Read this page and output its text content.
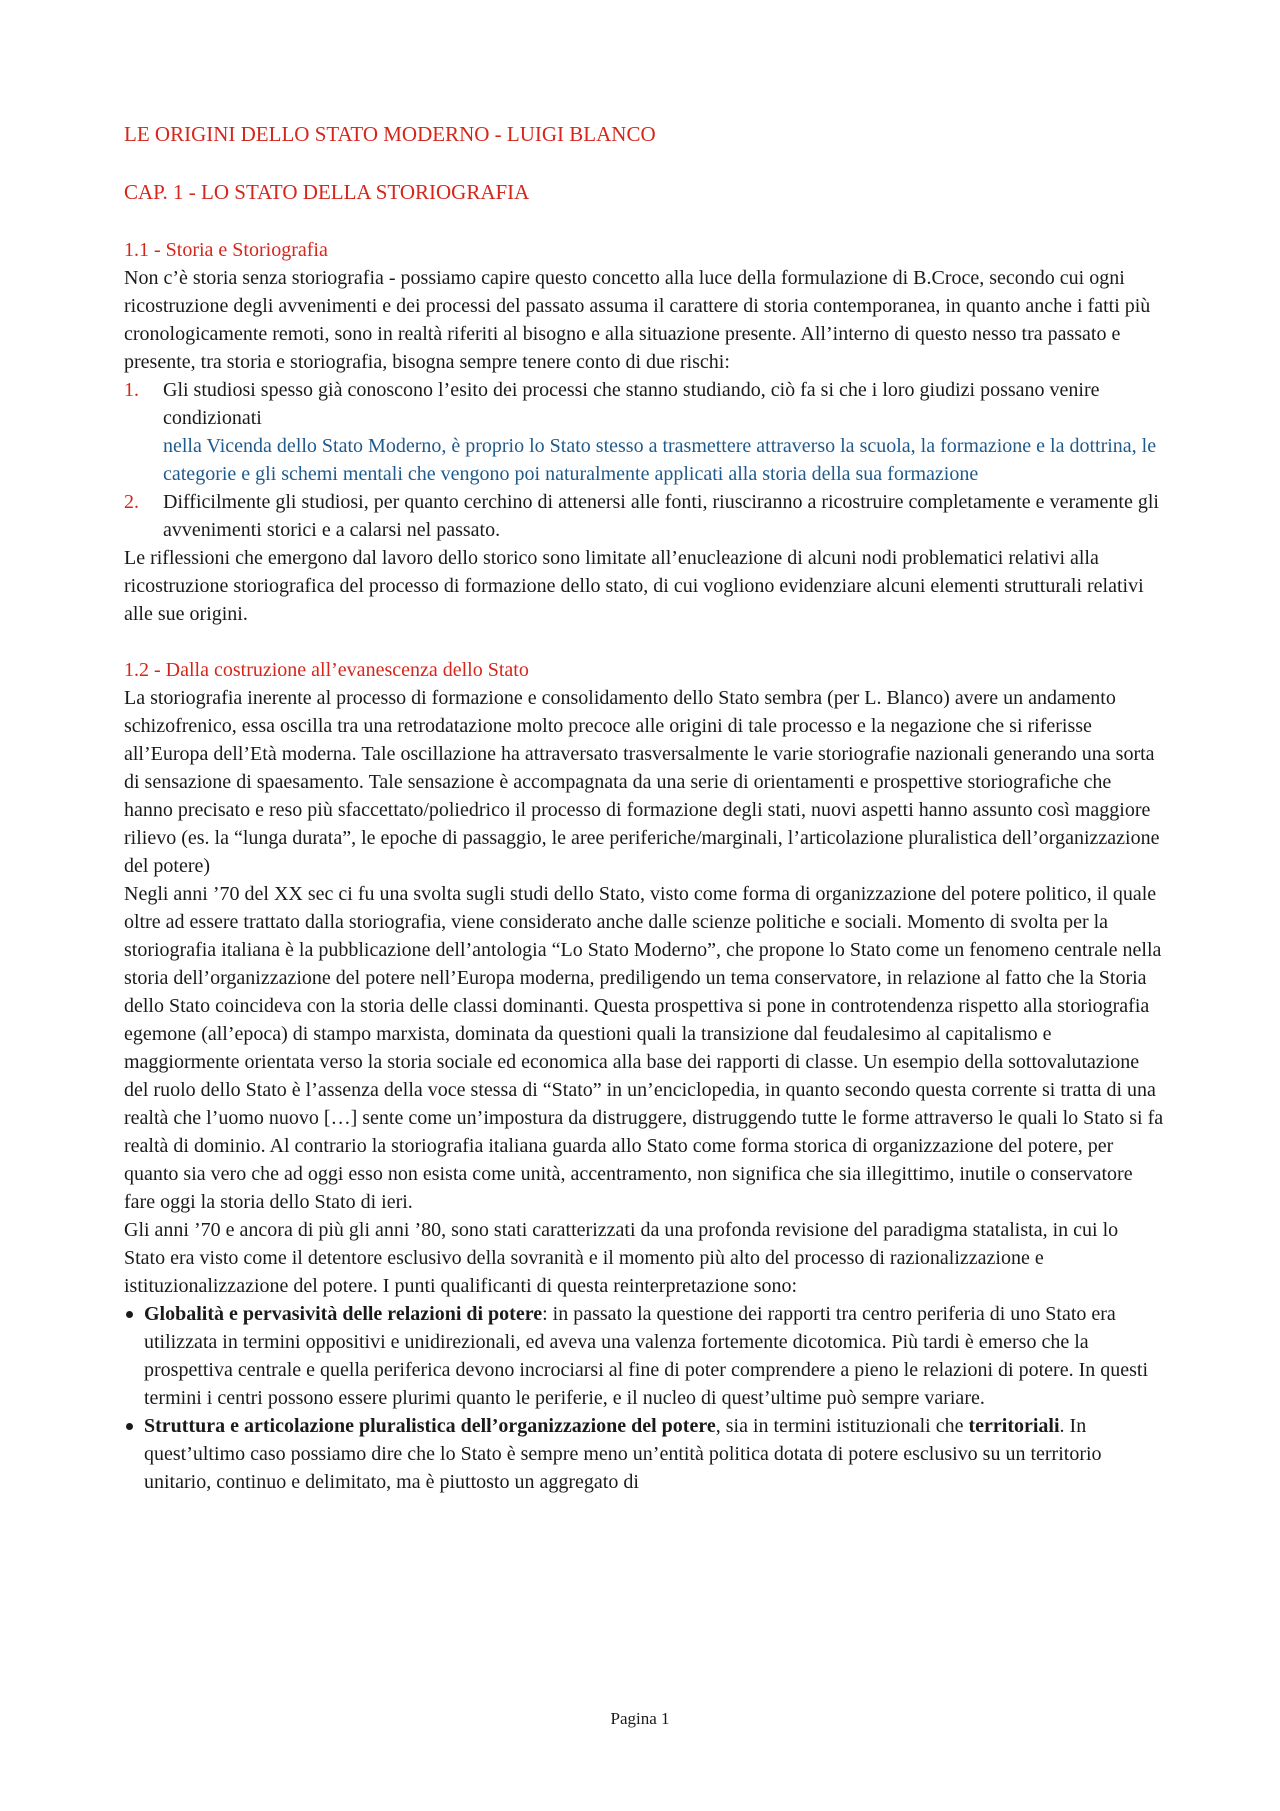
LE ORIGINI DELLO STATO MODERNO - LUIGI BLANCO
CAP. 1 - LO STATO DELLA STORIOGRAFIA
1.1 - Storia e Storiografia

Non c’è storia senza storiografia - possiamo capire questo concetto alla luce della formulazione di B.Croce, secondo cui ogni ricostruzione degli avvenimenti e dei processi del passato assuma il carattere di storia contemporanea, in quanto anche i fatti più cronologicamente remoti, sono in realtà riferiti al bisogno e alla situazione presente. All’interno di questo nesso tra passato e presente, tra storia e storiografia, bisogna sempre tenere conto di due rischi:

1. Gli studiosi spesso già conoscono l’esito dei processi che stanno studiando, ciò fa si che i loro giudizi possano venire condizionati
nella Vicenda dello Stato Moderno, è proprio lo Stato stesso a trasmettere attraverso la scuola, la formazione e la dottrina, le categorie e gli schemi mentali che vengono poi naturalmente applicati alla storia della sua formazione
2. Difficilmente gli studiosi, per quanto cerchino di attenersi alle fonti, riusciranno a ricostruire completamente e veramente gli avvenimenti storici e a calarsi nel passato.

Le riflessioni che emergono dal lavoro dello storico sono limitate all’enucleazione di alcuni nodi problematici relativi alla ricostruzione storiografica del processo di formazione dello stato, di cui vogliono evidenziare alcuni elementi strutturali relativi alle sue origini.

1.2 - Dalla costruzione all’evanescenza dello Stato

La storiografia inerente al processo di formazione e consolidamento dello Stato sembra (per L. Blanco) avere un andamento schizofrenico, essa oscilla tra una retrodatazione molto precoce alle origini di tale processo e la negazione che si riferisse all’Europa dell’Età moderna. Tale oscillazione ha attraversato trasversalmente le varie storiografie nazionali generando una sorta di sensazione di spaesamento. Tale sensazione è accompagnata da una serie di orientamenti e prospettive storiografiche che hanno precisato e reso più sfaccettato/poliedrico il processo di formazione degli stati, nuovi aspetti hanno assunto così maggiore rilievo (es. la “lunga durata”, le epoche di passaggio, le aree periferiche/marginali, l’articolazione pluralistica dell’organizzazione del potere)

Negli anni ’70 del XX sec ci fu una svolta sugli studi dello Stato, visto come forma di organizzazione del potere politico, il quale oltre ad essere trattato dalla storiografia, viene considerato anche dalle scienze politiche e sociali. Momento di svolta per la storiografia italiana è la pubblicazione dell’antologia “Lo Stato Moderno”, che propone lo Stato come un fenomeno centrale nella storia dell’organizzazione del potere nell’Europa moderna, prediligendo un tema conservatore, in relazione al fatto che la Storia dello Stato coincideva con la storia delle classi dominanti. Questa prospettiva si pone in controtendenza rispetto alla storiografia egemone (all’epoca) di stampo marxista, dominata da questioni quali la transizione dal feudalesimo al capitalismo e maggiormente orientata verso la storia sociale ed economica alla base dei rapporti di classe. Un esempio della sottovalutazione del ruolo dello Stato è l’assenza della voce stessa di “Stato” in un’enciclopedia, in quanto secondo questa corrente si tratta di una realtà che l’uomo nuovo […] sente come un’impostura da distruggere, distruggendo tutte le forme attraverso le quali lo Stato si fa realtà di dominio. Al contrario la storiografia italiana guarda allo Stato come forma storica di organizzazione del potere, per quanto sia vero che ad oggi esso non esista come unità, accentramento, non significa che sia illegittimo, inutile o conservatore fare oggi la storia dello Stato di ieri.

Gli anni ’70 e ancora di più gli anni ’80, sono stati caratterizzati da una profonda revisione del paradigma statalista, in cui lo Stato era visto come il detentore esclusivo della sovranità e il momento più alto del processo di razionalizzazione e istituzionalizzazione del potere. I punti qualificanti di questa reinterpretazione sono:

Globalità e pervasività delle relazioni di potere: in passato la questione dei rapporti tra centro periferia di uno Stato era utilizzata in termini oppositivi e unidirezionali, ed aveva una valenza fortemente dicotomica. Più tardi è emerso che la prospettiva centrale e quella periferica devono incrociarsi al fine di poter comprendere a pieno le relazioni di potere. In questi termini i centri possono essere plurimi quanto le periferie, e il nucleo di quest’ultime può sempre variare.
Struttura e articolazione pluralistica dell’organizzazione del potere, sia in termini istituzionali che territoriali. In quest’ultimo caso possiamo dire che lo Stato è sempre meno un’entità politica dotata di potere esclusivo su un territorio unitario, continuo e delimitato, ma è piuttosto un aggregato di
Pagina 1
